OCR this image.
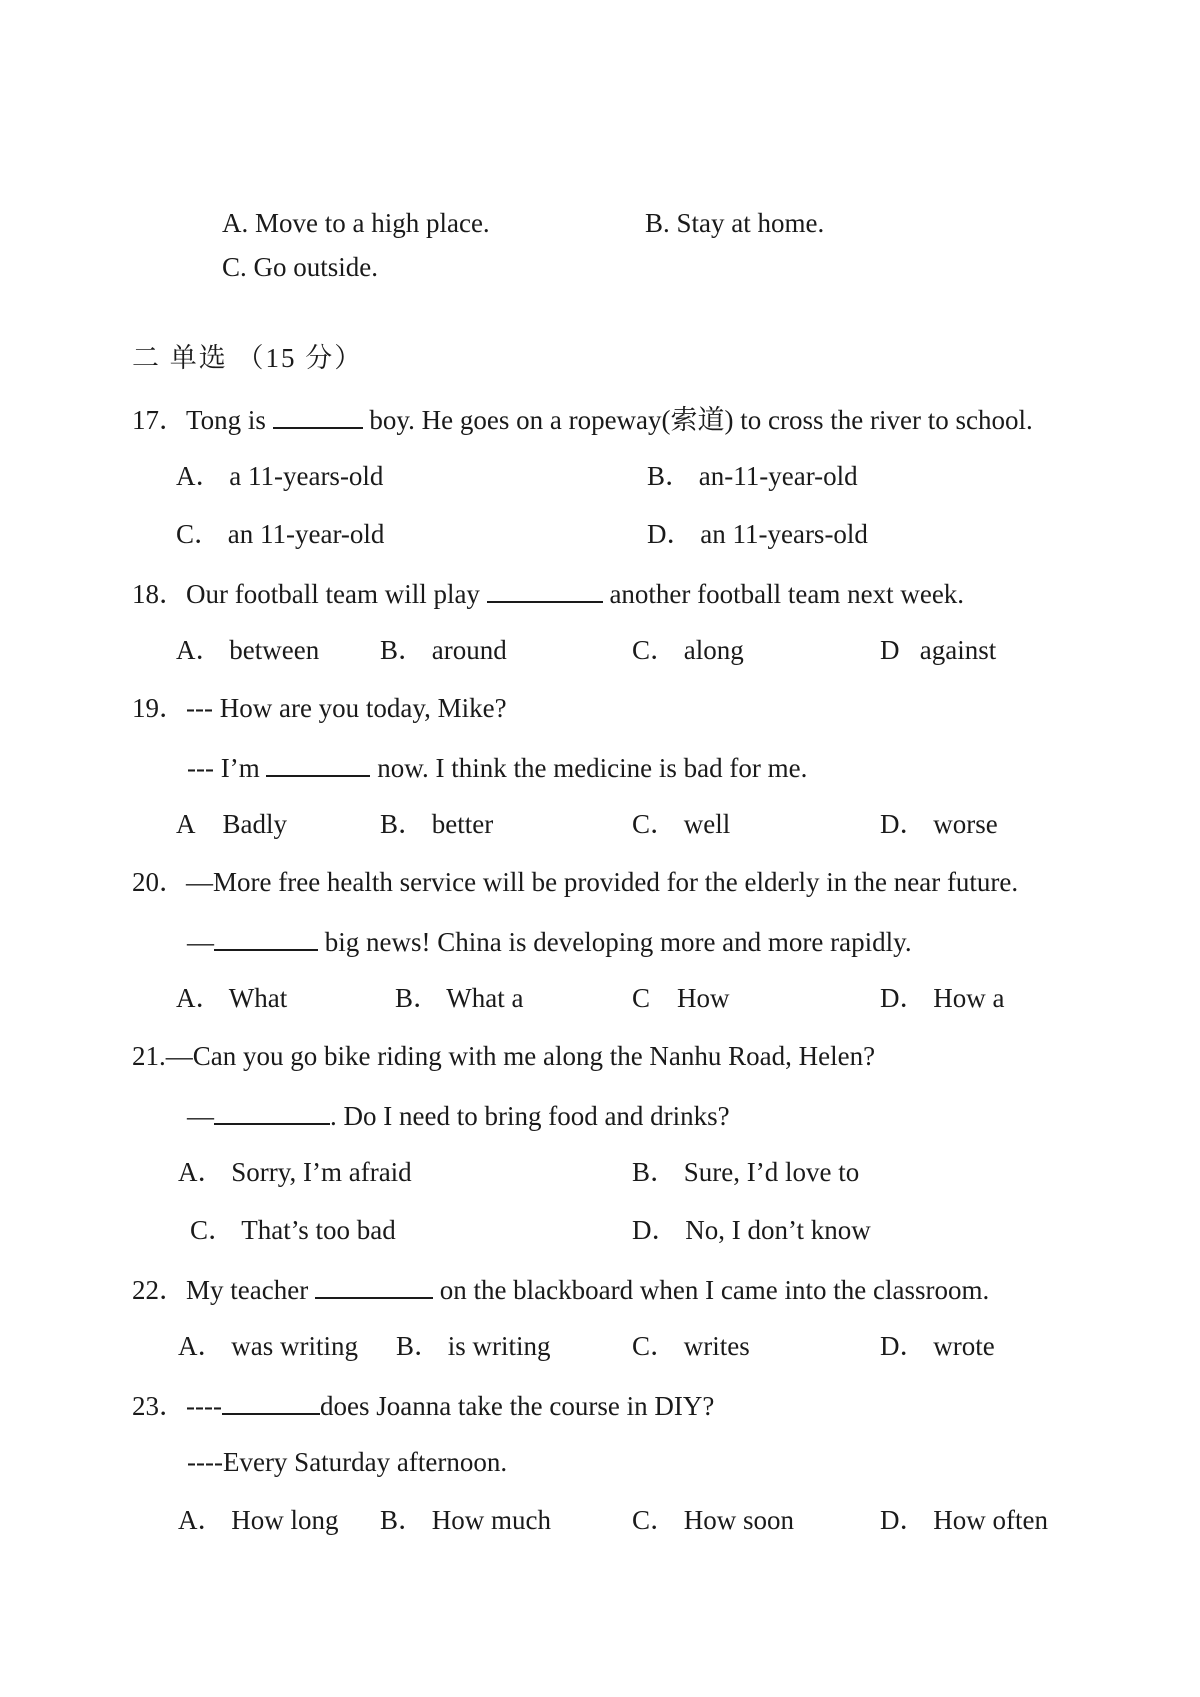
A. Move to a high place.	B. Stay at home.
C. Go outside.
二 单选 （15 分）
17．Tong is	boy. He goes on a ropeway(索道) to cross the river to school.
A． a 11-years-old	B． an-11-year-old
C． an 11-year-old	D． an 11-years-old
18．Our football team will play	another football team next week.
A． between B． around	C． along	D against
19．--- How are you today, Mike?
--- I’m	now. I think the medicine is bad for me.
A Badly	B． better	C． well	D． worse
20．—More free health service will be provided for the elderly in the near future.
—	big news! China is developing more and more rapidly.
A． What	B． What a	C How	D． How a
21.—Can you go bike riding with me along the Nanhu Road, Helen?
—	. Do I need to bring food and drinks?
A． Sorry, I’m afraid	B． Sure, I’d love to
C． That’s too bad	D． No, I don’t know
22．My teacher	on the blackboard when I came into the classroom.
A． was writing B． is writing	C． writes	D． wrote
23．----	does Joanna take the course in DIY?
----Every Saturday afternoon.
A． How long B． How much	C． How soon	D． How often
